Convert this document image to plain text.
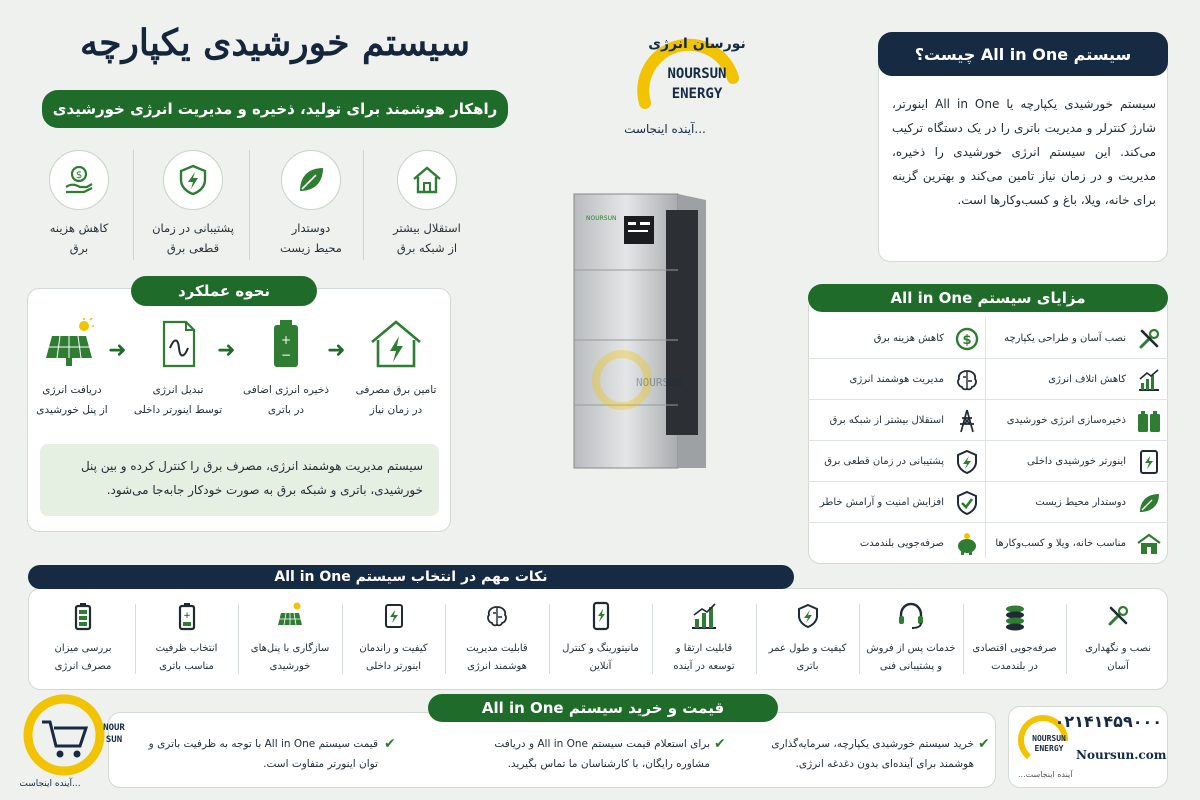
سیستم خورشیدی یکپارچه
راهکار هوشمند برای تولید، ذخیره و مدیریت انرژی خورشیدی
استقلال بیشتر
از شبکه برق
دوستدار
محیط زیست
پشتیبانی در زمان
قطعی برق
$
کاهش هزینه
برق
نحوه عملکرد
دریافت انرژی
از پنل خورشیدی
➜
تبدیل انرژی
توسط اینورتر داخلی
➜	+
−
ذخیره انرژی اضافی
در باتری
➜
تامین برق مصرفی
در زمان نیاز
سیستم مدیریت هوشمند انرژی، مصرف برق را کنترل کرده و بین پنل خورشیدی، باتری و شبکه برق به صورت خودکار جابه‌جا می‌شود.
نورسان انرژی
NOURSUN
ENERGY
آینده اینجاست...
NOURSUN
NOURSUN
سیستم All in One چیست؟
سیستم خورشیدی یکپارچه یا All in One اینورتر، شارژ کنترلر و مدیریت باتری را در یک دستگاه ترکیب می‌کند. این سیستم انرژی خورشیدی را ذخیره، مدیریت و در زمان نیاز تامین می‌کند و بهترین گزینه برای خانه، ویلا، باغ و کسب‌وکارها است.
مزایای سیستم All in One
نصب آسان و طراحی یکپارچه
$
کاهش هزینه برق
کاهش اتلاف انرژی
مدیریت هوشمند انرژی
ذخیره‌سازی انرژی خورشیدی
استقلال بیشتر از شبکه برق
اینورتر خورشیدی داخلی
پشتیبانی در زمان قطعی برق
دوستدار محیط زیست
افزایش امنیت و آرامش خاطر
مناسب خانه، ویلا و کسب‌وکارها
صرفه‌جویی بلندمدت
نکات مهم در انتخاب سیستم All in One
نصب و نگهداری
آسان
صرفه‌جویی اقتصادی
در بلندمدت
خدمات پس از فروش
و پشتیبانی فنی
کیفیت و طول عمر
باتری
قابلیت ارتقا و
توسعه در آینده
مانیتورینگ و کنترل
آنلاین
قابلیت مدیریت
هوشمند انرژی
کیفیت و راندمان
اینورتر داخلی
سازگاری با پنل‌های
خورشیدی
+
انتخاب ظرفیت
مناسب باتری
بررسی میزان
مصرف انرژی
قیمت و خرید سیستم All in One
خرید سیستم خورشیدی یکپارچه، سرمایه‌گذاری هوشمند برای آینده‌ای بدون دغدغه انرژی.
✔
برای استعلام قیمت سیستم All in One و دریافت مشاوره رایگان، با کارشناسان ما تماس بگیرید.
✔
قیمت سیستم All in One با توجه به ظرفیت باتری و توان اینورتر متفاوت است.
✔
NOUR
SUN
آینده اینجاست...
NOURSUN
ENERGY
۰۲۱۴۱۴۵۹۰۰۰
Noursun.com
آینده اینجاست...
